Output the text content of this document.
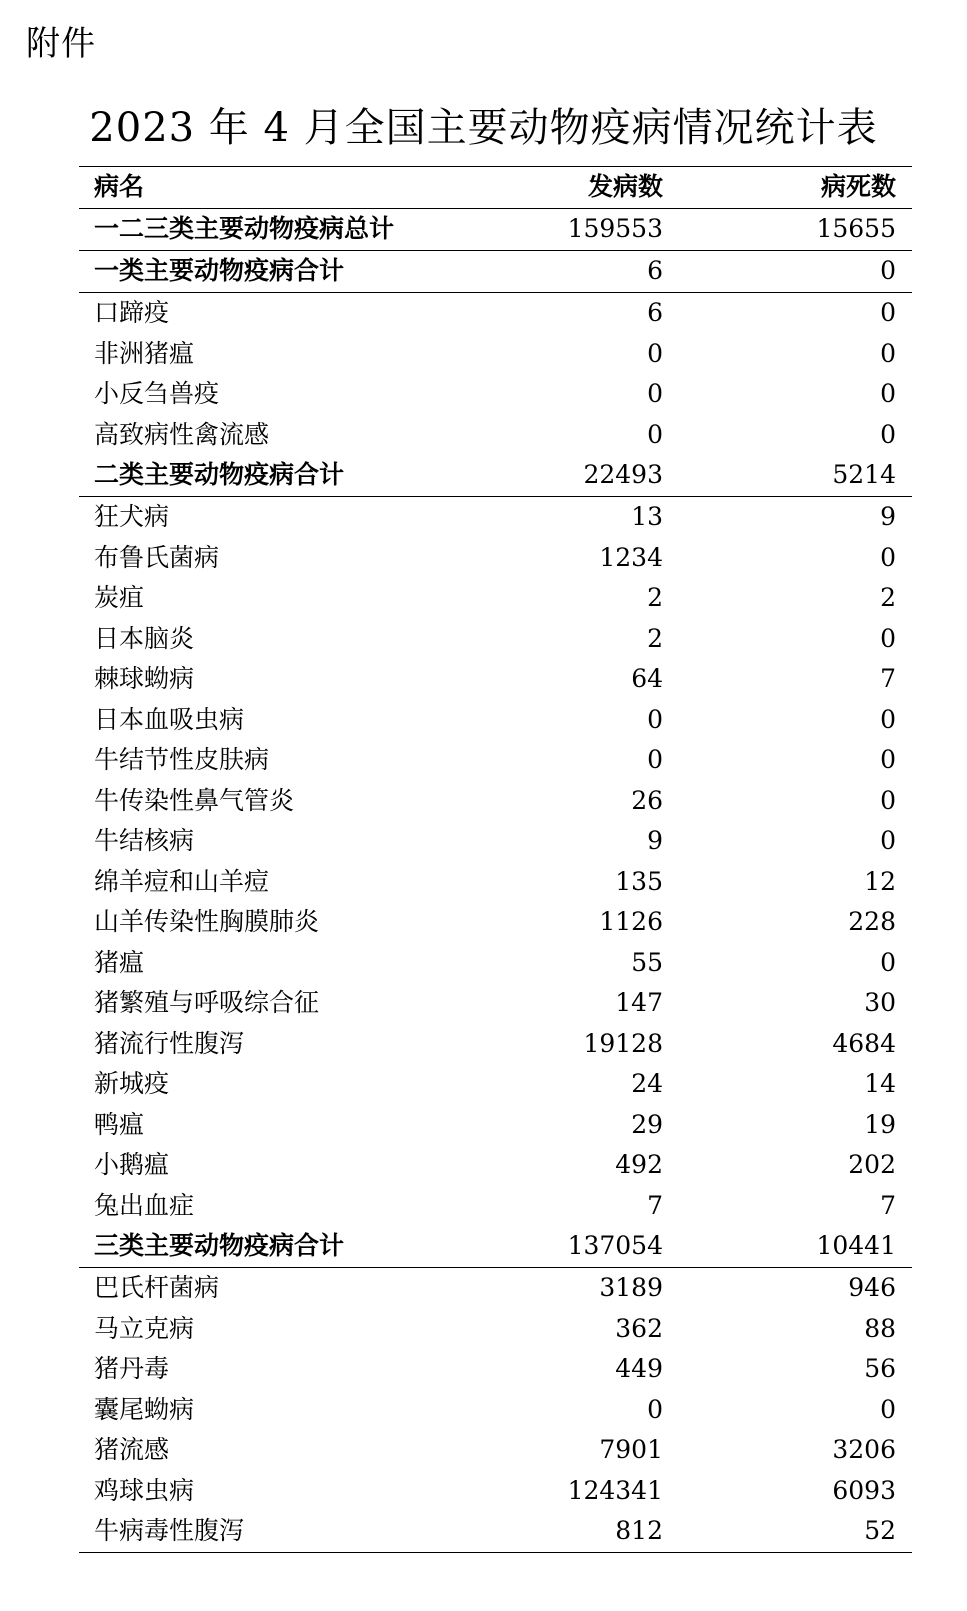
附件
2023 年 4 月全国主要动物疫病情况统计表
病名	发病数	病死数
一二三类主要动物疫病总计	159553	15655
一类主要动物疫病合计	6	0
口蹄疫	6	0
非洲猪瘟	0	0
小反刍兽疫	0	0
高致病性禽流感	0	0
二类主要动物疫病合计	22493	5214
狂犬病	13	9
布鲁氏菌病	1234	0
炭疽	2	2
日本脑炎	2	0
棘球蚴病	64	7
日本血吸虫病	0	0
牛结节性皮肤病	0	0
牛传染性鼻气管炎	26	0
牛结核病	9	0
绵羊痘和山羊痘	135	12
山羊传染性胸膜肺炎	1126	228
猪瘟	55	0
猪繁殖与呼吸综合征	147	30
猪流行性腹泻	19128	4684
新城疫	24	14
鸭瘟	29	19
小鹅瘟	492	202
兔出血症	7	7
三类主要动物疫病合计	137054	10441
巴氏杆菌病	3189	946
马立克病	362	88
猪丹毒	449	56
囊尾蚴病	0	0
猪流感	7901	3206
鸡球虫病	124341	6093
牛病毒性腹泻	812	52
